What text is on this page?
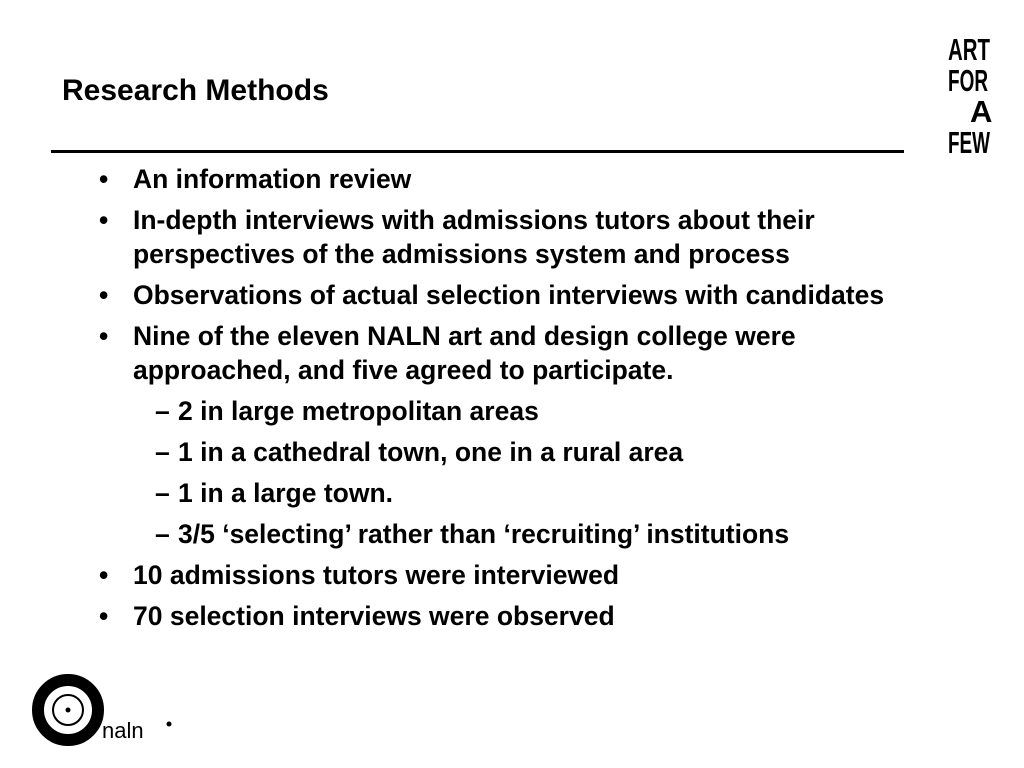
Research Methods
ART
FOR
A
FEW
• An information review
• In-depth interviews with admissions tutors about their perspectives of the admissions system and process
• Observations of actual selection interviews with candidates
• Nine of the eleven NALN art and design college were approached, and five agreed to participate.
– 2 in large metropolitan areas
– 1 in a cathedral town, one in a rural area
– 1 in a large town.
– 3/5 ‘selecting’ rather than ‘recruiting’ institutions
• 10 admissions tutors were interviewed
• 70 selection interviews were observed
naln
